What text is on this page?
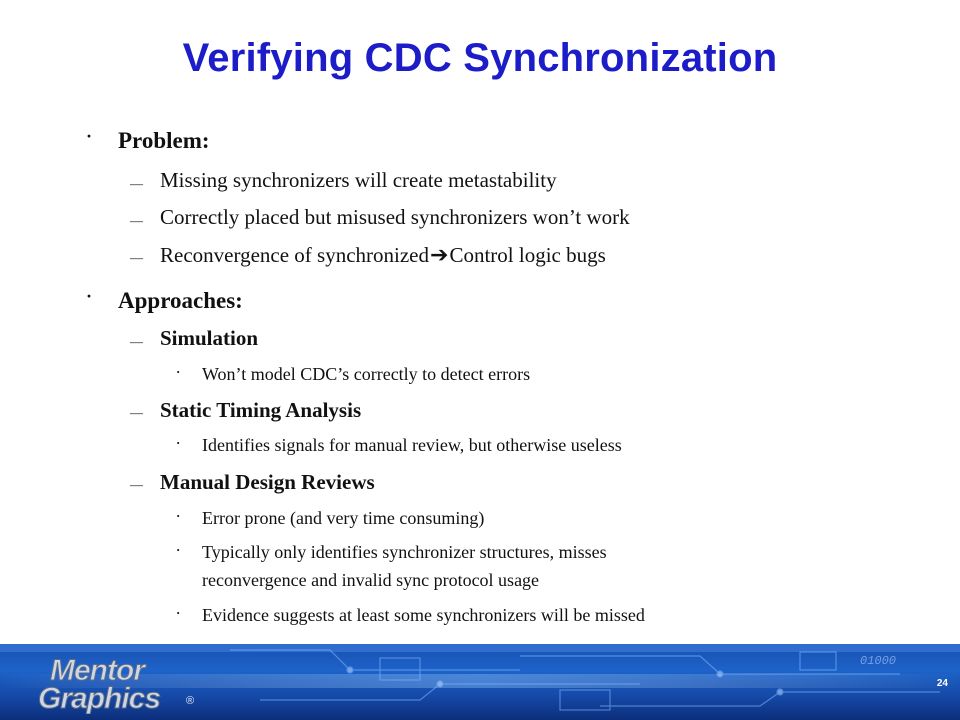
Verifying CDC Synchronization
· Problem:
— Missing synchronizers will create metastability
— Correctly placed but misused synchronizers won’t work
— Reconvergence of synchronized ➔ Control logic bugs
· Approaches:
— Simulation
· Won’t model CDC’s correctly to detect errors
— Static Timing Analysis
· Identifies signals for manual review, but otherwise useless
— Manual Design Reviews
· Error prone (and very time consuming)
· Typically only identifies synchronizer structures, misses
reconvergence and invalid sync protocol usage
· Evidence suggests at least some synchronizers will be missed
01000
Mentor
Graphics ®
24
